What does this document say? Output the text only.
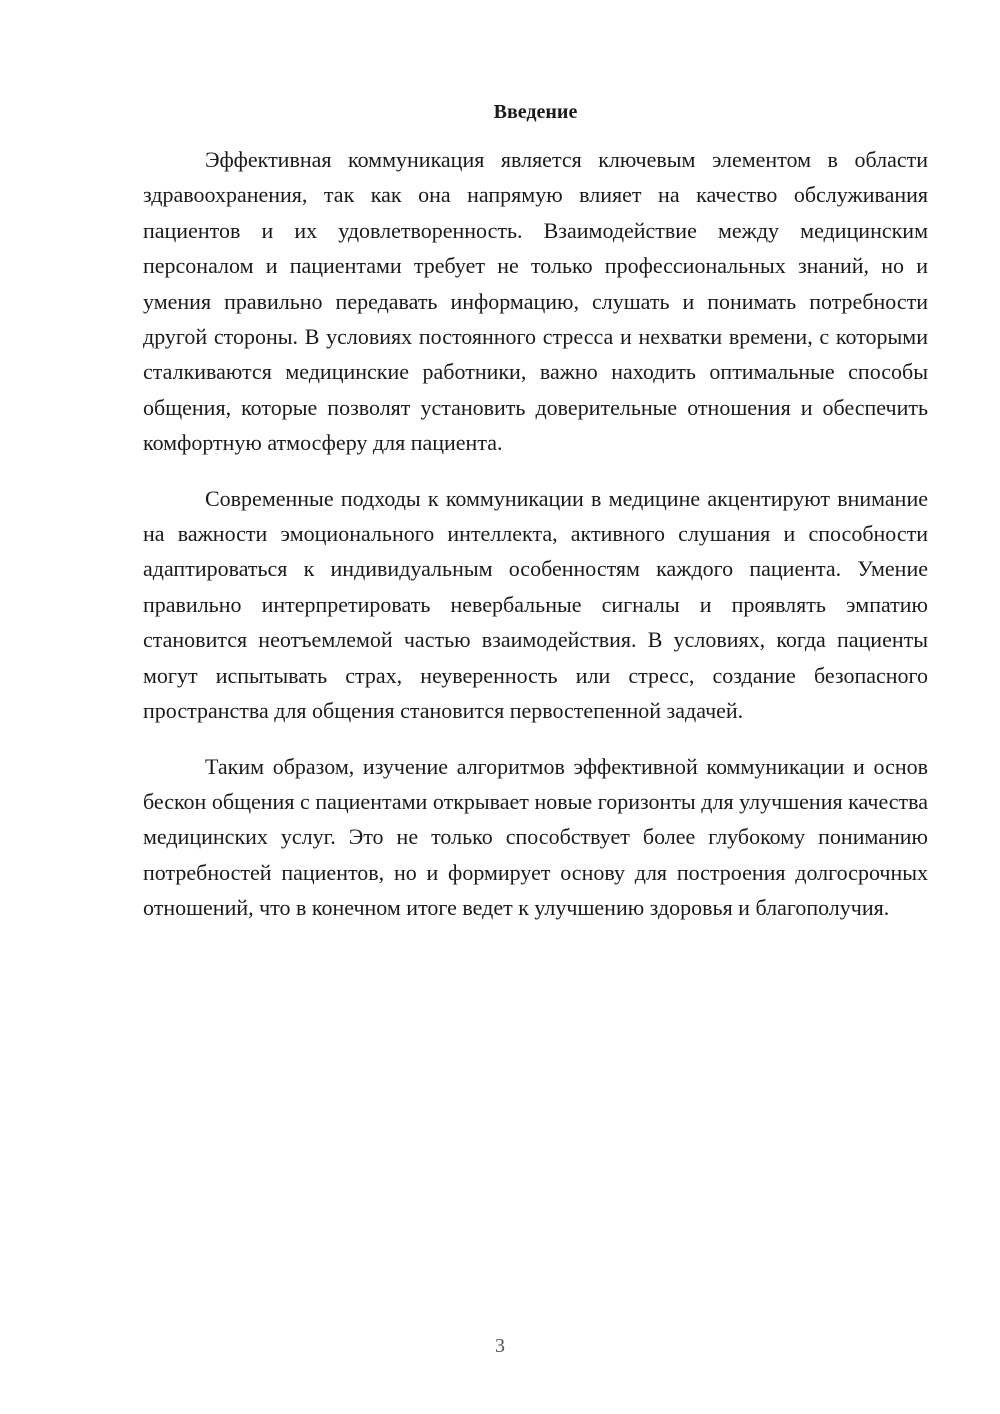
Введение

Эффективная коммуникация является ключевым элементом в области здравоохранения, так как она напрямую влияет на качество обслуживания пациентов и их удовлетворенность. Взаимодействие между медицинским персоналом и пациентами требует не только профессиональных знаний, но и умения правильно передавать информацию, слушать и понимать потребности другой стороны. В условиях постоянного стресса и нехватки времени, с которыми сталкиваются медицинские работники, важно находить оптимальные способы общения, которые позволят установить доверительные отношения и обеспечить комфортную атмосферу для пациента.

Современные подходы к коммуникации в медицине акцентируют внимание на важности эмоционального интеллекта, активного слушания и способности адаптироваться к индивидуальным особенностям каждого пациента. Умение правильно интерпретировать невербальные сигналы и проявлять эмпатию становится неотъемлемой частью взаимодействия. В условиях, когда пациенты могут испытывать страх, неуверенность или стресс, создание безопасного пространства для общения становится первостепенной задачей.

Таким образом, изучение алгоритмов эффективной коммуникации и основ бескон общения с пациентами открывает новые горизонты для улучшения качества медицинских услуг. Это не только способствует более глубокому пониманию потребностей пациентов, но и формирует основу для построения долгосрочных отношений, что в конечном итоге ведет к улучшению здоровья и благополучия.

3
